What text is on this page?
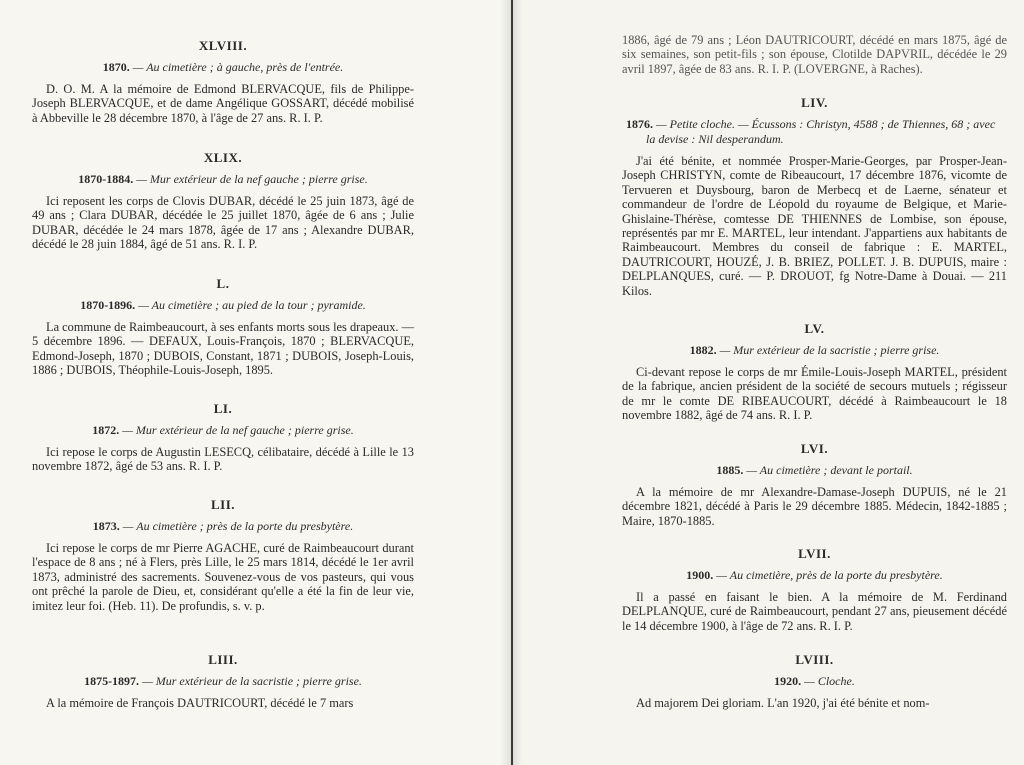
XLVIII.

1870. — Au cimetière ; à gauche, près de l'entrée.

D. O. M. A la mémoire de Edmond BLERVACQUE, fils de Philippe-Joseph BLERVACQUE, et de dame Angélique GOSSART, décédé mobilisé à Abbeville le 28 décembre 1870, à l'âge de 27 ans. R. I. P.

XLIX.

1870-1884. — Mur extérieur de la nef gauche ; pierre grise.

Ici reposent les corps de Clovis DUBAR, décédé le 25 juin 1873, âgé de 49 ans ; Clara DUBAR, décédée le 25 juillet 1870, âgée de 6 ans ; Julie DUBAR, décédée le 24 mars 1878, âgée de 17 ans ; Alexandre DUBAR, décédé le 28 juin 1884, âgé de 51 ans. R. I. P.

L.

1870-1896. — Au cimetière ; au pied de la tour ; pyramide.

La commune de Raimbeaucourt, à ses enfants morts sous les drapeaux. — 5 décembre 1896. — DEFAUX, Louis-François, 1870 ; BLERVACQUE, Edmond-Joseph, 1870 ; DUBOIS, Constant, 1871 ; DUBOIS, Joseph-Louis, 1886 ; DUBOIS, Théophile-Louis-Joseph, 1895.

LI.

1872. — Mur extérieur de la nef gauche ; pierre grise.

Ici repose le corps de Augustin LESECQ, célibataire, décédé à Lille le 13 novembre 1872, âgé de 53 ans. R. I. P.

LII.

1873. — Au cimetière ; près de la porte du presbytère.

Ici repose le corps de mr Pierre AGACHE, curé de Raimbeaucourt durant l'espace de 8 ans ; né à Flers, près Lille, le 25 mars 1814, décédé le 1er avril 1873, administré des sacrements. Souvenez-vous de vos pasteurs, qui vous ont prêché la parole de Dieu, et, considérant qu'elle a été la fin de leur vie, imitez leur foi. (Heb. 11). De profundis, s. v. p.

LIII.

1875-1897. — Mur extérieur de la sacristie ; pierre grise.

A la mémoire de François DAUTRICOURT, décédé le 7 mars

1886, âgé de 79 ans ; Léon DAUTRICOURT, décédé en mars 1875, âgé de six semaines, son petit-fils ; son épouse, Clotilde DAPVRIL, décédée le 29 avril 1897, âgée de 83 ans. R. I. P. (LOVERGNE, à Raches).

LIV.

1876. — Petite cloche. — Écussons : Christyn, 4588 ; de Thiennes, 68 ; avec la devise : Nil desperandum.

J'ai été bénite, et nommée Prosper-Marie-Georges, par Prosper-Jean-Joseph CHRISTYN, comte de Ribeaucourt, 17 décembre 1876, vicomte de Tervueren et Duysbourg, baron de Merbecq et de Laerne, sénateur et commandeur de l'ordre de Léopold du royaume de Belgique, et Marie-Ghislaine-Thérèse, comtesse DE THIENNES de Lombise, son épouse, représentés par mr E. MARTEL, leur intendant. J'appartiens aux habitants de Raimbeaucourt. Membres du conseil de fabrique : E. MARTEL, DAUTRICOURT, HOUZÉ, J. B. BRIEZ, POLLET. J. B. DUPUIS, maire : DELPLANQUES, curé. — P. DROUOT, fg Notre-Dame à Douai. — 211 Kilos.

LV.

1882. — Mur extérieur de la sacristie ; pierre grise.

Ci-devant repose le corps de mr Émile-Louis-Joseph MARTEL, président de la fabrique, ancien président de la société de secours mutuels ; régisseur de mr le comte DE RIBEAUCOURT, décédé à Raimbeaucourt le 18 novembre 1882, âgé de 74 ans. R. I. P.

LVI.

1885. — Au cimetière ; devant le portail.

A la mémoire de mr Alexandre-Damase-Joseph DUPUIS, né le 21 décembre 1821, décédé à Paris le 29 décembre 1885. Médecin, 1842-1885 ; Maire, 1870-1885.

LVII.

1900. — Au cimetière, près de la porte du presbytère.

Il a passé en faisant le bien. A la mémoire de M. Ferdinand DELPLANQUE, curé de Raimbeaucourt, pendant 27 ans, pieusement décédé le 14 décembre 1900, à l'âge de 72 ans. R. I. P.

LVIII.

1920. — Cloche.

Ad majorem Dei gloriam. L'an 1920, j'ai été bénite et nom-
